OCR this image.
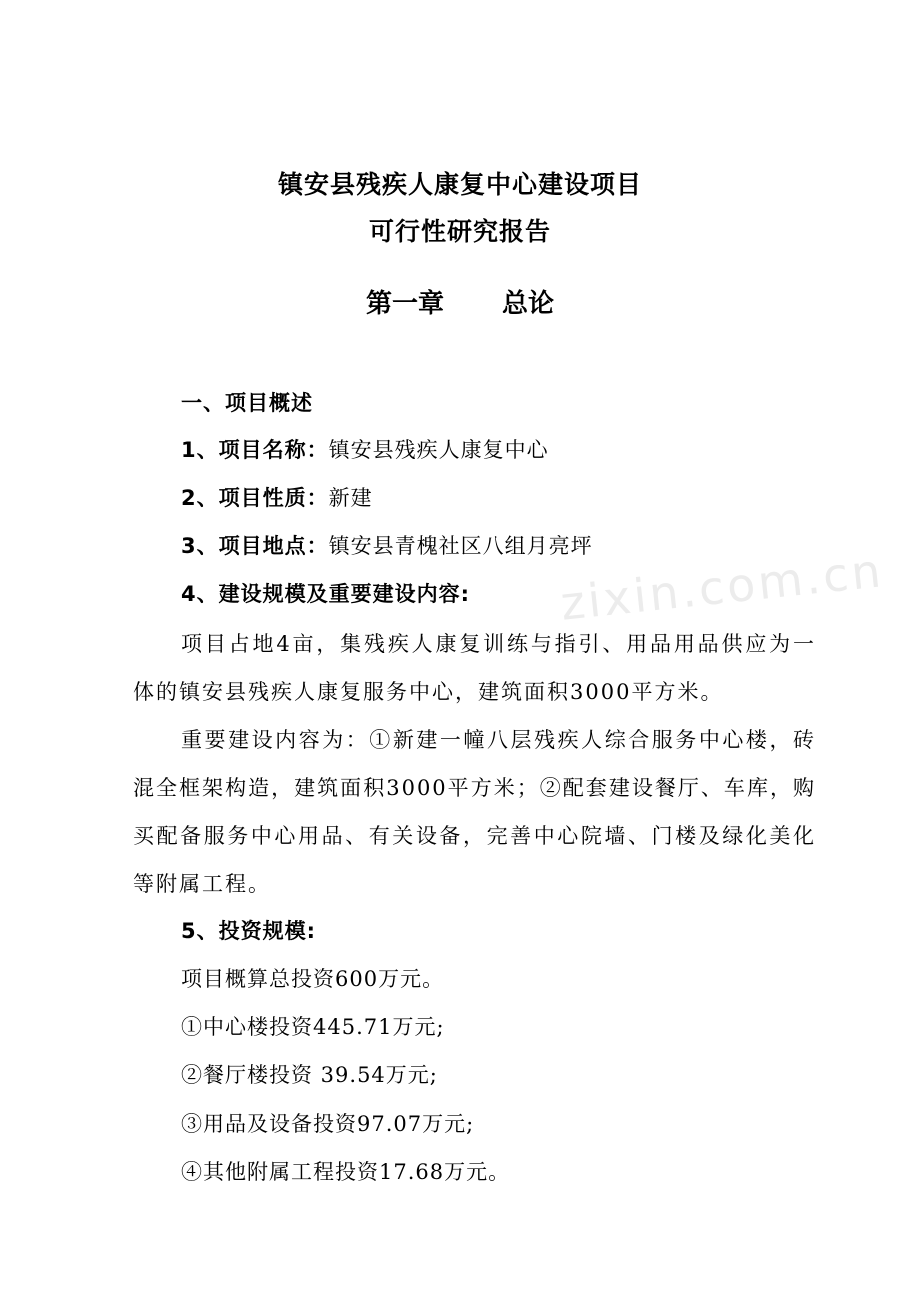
zixin.com.cn
镇安县残疾人康复中心建设项目
可行性研究报告
第一章 总论
一、项目概述
1、项目名称：镇安县残疾人康复中心
2、项目性质：新建
3、项目地点：镇安县青槐社区八组月亮坪
4、建设规模及重要建设内容:
项目占地4亩，集残疾人康复训练与指引、用品用品供应为一体的镇安县残疾人康复服务中心，建筑面积3000平方米。
重要建设内容为：①新建一幢八层残疾人综合服务中心楼，砖混全框架构造，建筑面积3000平方米；②配套建设餐厅、车库，购买配备服务中心用品、有关设备，完善中心院墙、门楼及绿化美化等附属工程。
5、投资规模:
项目概算总投资600万元。
①中心楼投资445.71万元;
②餐厅楼投资 39.54万元;
③用品及设备投资97.07万元;
④其他附属工程投资17.68万元。
